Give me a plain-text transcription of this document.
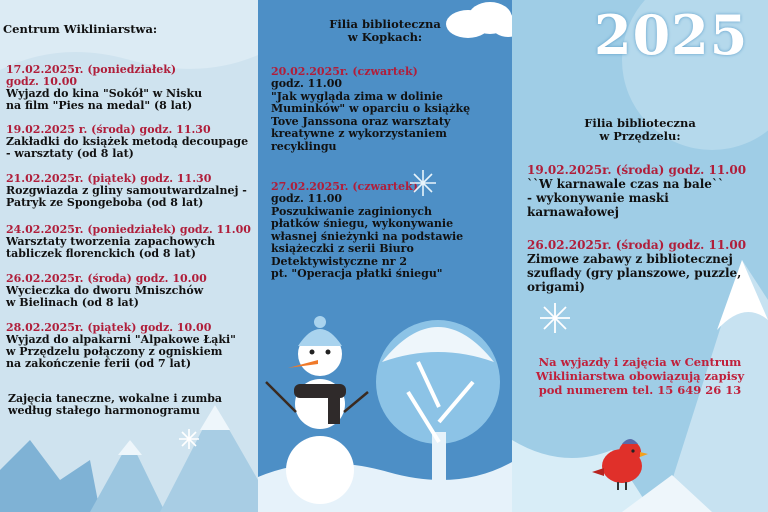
Centrum Wikliniarstwa:

17.02.2025r. (poniedziałek)
godz. 10.00
Wyjazd do kina "Sokół" w Nisku
na film "Pies na medal" (8 lat)
19.02.2025 r. (środa) godz. 11.30
Zakładki do książek metodą decoupage
- warsztaty (od 8 lat)
21.02.2025r. (piątek) godz. 11.30
Rozgwiazda z gliny samoutwardzalnej -
Patryk ze Spongeboba (od 8 lat)
24.02.2025r. (poniedziałek) godz. 11.00
Warsztaty tworzenia zapachowych
tabliczek florenckich (od 8 lat)
26.02.2025r. (środa) godz. 10.00
Wycieczka do dworu Mniszchów
w Bielinach (od 8 lat)
28.02.2025r. (piątek) godz. 10.00
Wyjazd do alpakarni "Alpakowe Łąki"
w Przędzelu połączony z ogniskiem
na zakończenie ferii (od 7 lat)
Zajęcia taneczne, wokalne i zumba
według stałego harmonogramu
Filia biblioteczna
w Kopkach:
20.02.2025r. (czwartek)
godz. 11.00
"Jak wygląda zima w dolinie
Muminków" w oparciu o książkę
Tove Janssona oraz warsztaty
kreatywne z wykorzystaniem
recyklingu
27.02.2025r. (czwartek)
godz. 11.00
Poszukiwanie zaginionych
płatków śniegu, wykonywanie
własnej śnieżynki na podstawie
książeczki z serii Biuro
Detektywistyczne nr 2
pt. "Operacja płatki śniegu"
2025
Filia biblioteczna
w Przędzelu:
19.02.2025r. (środa) godz. 11.00
``W karnawale czas na bale``
- wykonywanie maski
karnawałowej
26.02.2025r. (środa) godz. 11.00
Zimowe zabawy z bibliotecznej
szuflady (gry planszowe, puzzle,
origami)
Na wyjazdy i zajęcia w Centrum
Wikliniarstwa obowiązują zapisy
pod numerem tel. 15 649 26 13
